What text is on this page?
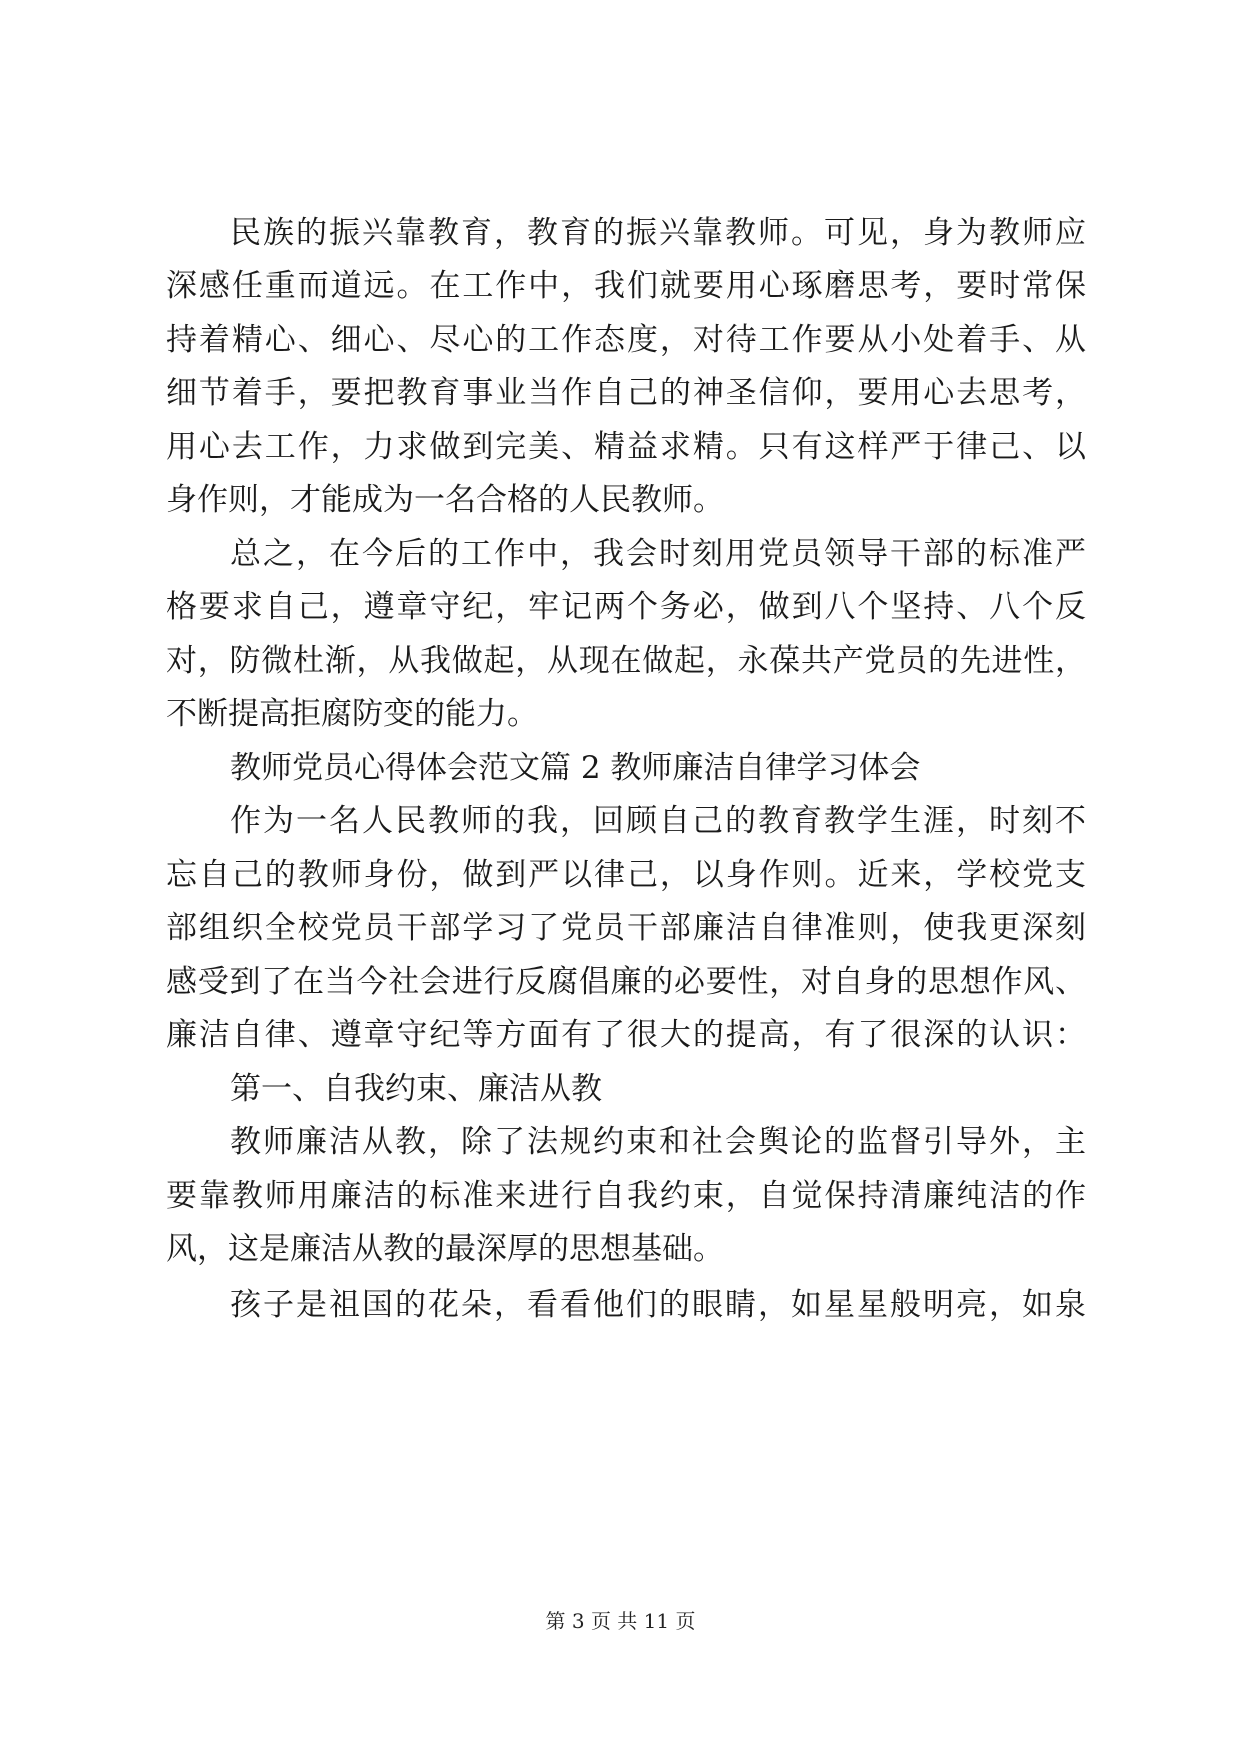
民族的振兴靠教育，教育的振兴靠教师。可见，身为教师应
深感任重而道远。在工作中，我们就要用心琢磨思考，要时常保
持着精心、细心、尽心的工作态度，对待工作要从小处着手、从
细节着手，要把教育事业当作自己的神圣信仰，要用心去思考，
用心去工作，力求做到完美、精益求精。只有这样严于律己、以
身作则，才能成为一名合格的人民教师。
总之，在今后的工作中，我会时刻用党员领导干部的标准严
格要求自己，遵章守纪，牢记两个务必，做到八个坚持、八个反
对，防微杜渐，从我做起，从现在做起，永葆共产党员的先进性，
不断提高拒腐防变的能力。
教师党员心得体会范文篇 2 教师廉洁自律学习体会
作为一名人民教师的我，回顾自己的教育教学生涯，时刻不
忘自己的教师身份，做到严以律己，以身作则。近来，学校党支
部组织全校党员干部学习了党员干部廉洁自律准则，使我更深刻
感受到了在当今社会进行反腐倡廉的必要性，对自身的思想作风、
廉洁自律、遵章守纪等方面有了很大的提高，有了很深的认识：
第一、自我约束、廉洁从教
教师廉洁从教，除了法规约束和社会舆论的监督引导外，主
要靠教师用廉洁的标准来进行自我约束，自觉保持清廉纯洁的作
风，这是廉洁从教的最深厚的思想基础。
孩子是祖国的花朵，看看他们的眼睛，如星星般明亮，如泉
第 3 页 共 11 页
